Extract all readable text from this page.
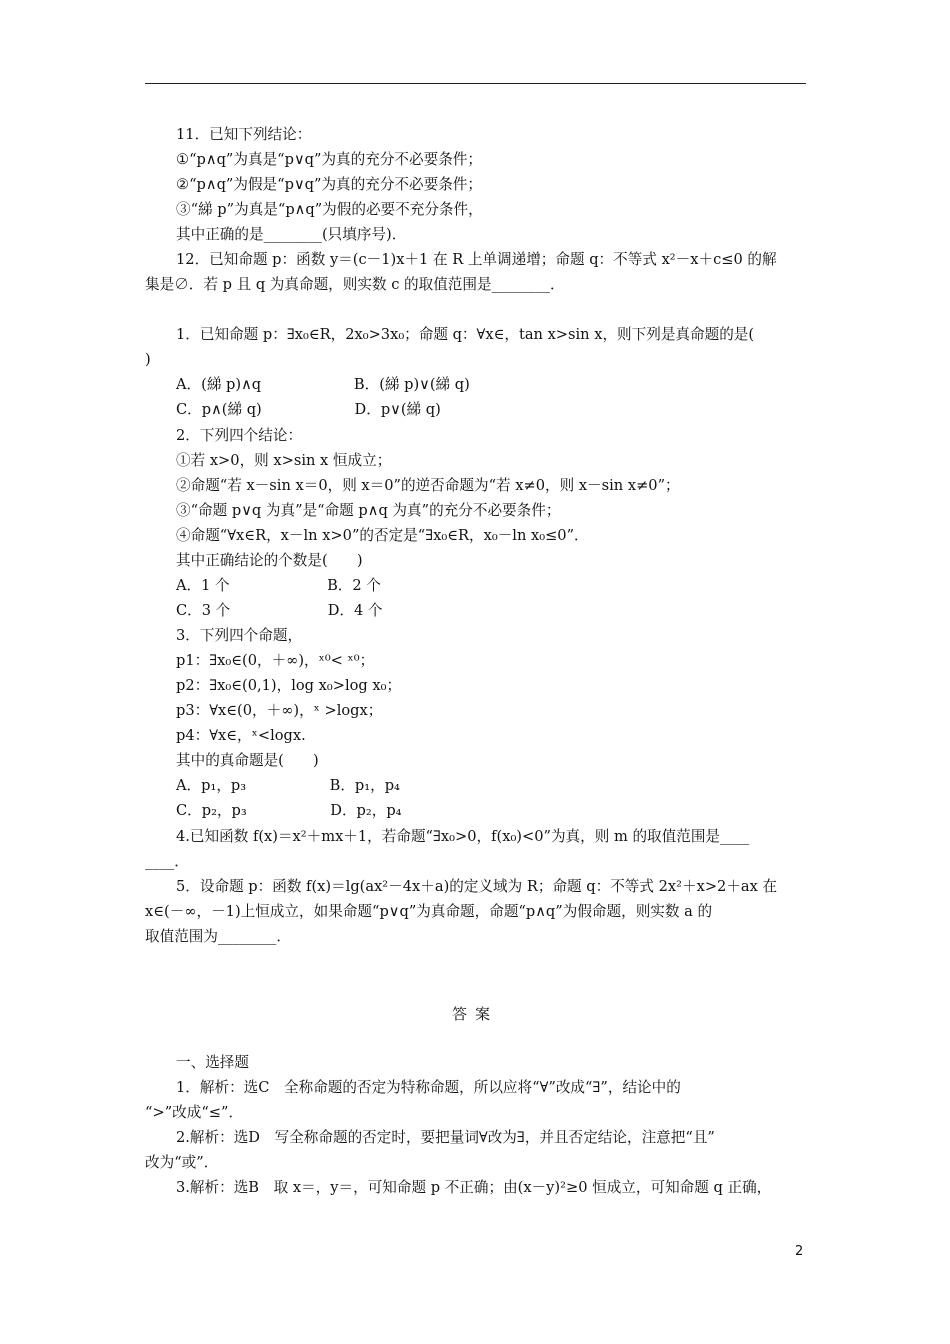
11．已知下列结论：
①“p∧q”为真是“p∨q”为真的充分不必要条件；
②“p∧q”为假是“p∨q”为真的充分不必要条件；
③“綈 p”为真是“p∧q”为假的必要不充分条件，
其中正确的是________(只填序号)．
12．已知命题 p：函数 y＝(c－1)x＋1 在 R 上单调递增；命题 q：不等式 x²－x＋c≤0 的解
集是∅．若 p 且 q 为真命题，则实数 c 的取值范围是________．
1．已知命题 p：∃x₀∈R，2x₀>3x₀；命题 q：∀x∈，tan x>sin x，则下列是真命题的是(
)
A．(綈 p)∧q                    B．(綈 p)∨(綈 q)
C．p∧(綈 q)                    D．p∨(綈 q)
2．下列四个结论：
①若 x>0，则 x>sin x 恒成立；
②命题“若 x－sin x＝0，则 x＝0”的逆否命题为“若 x≠0，则 x－sin x≠0”；
③“命题 p∨q 为真”是“命题 p∧q 为真”的充分不必要条件；
④命题“∀x∈R，x－ln x>0”的否定是“∃x₀∈R，x₀－ln x₀≤0”．
其中正确结论的个数是(　　)
A．1 个                     B．2 个
C．3 个                     D．4 个
3．下列四个命题，
p1：∃x₀∈(0，＋∞)，ˣ⁰< ˣ⁰；
p2：∃x₀∈(0,1)，log x₀>log x₀；
p3：∀x∈(0，＋∞)，ˣ >logx；
p4：∀x∈，ˣ<logx.
其中的真命题是(　　)
A．p₁，p₃                  B．p₁，p₄
C．p₂，p₃                  D．p₂，p₄
4.已知函数 f(x)＝x²＋mx＋1，若命题“∃x₀>0，f(x₀)<0”为真，则 m 的取值范围是____
____．
5．设命题 p：函数 f(x)＝lg(ax²－4x＋a)的定义域为 R；命题 q：不等式 2x²＋x>2＋ax 在
x∈(－∞，－1)上恒成立，如果命题“p∨q”为真命题，命题“p∧q”为假命题，则实数 a 的
取值范围为________．
答案
一、选择题
1．解析：选C　全称命题的否定为特称命题，所以应将“∀”改成“∃”，结论中的
“>”改成“≤”．
2.解析：选D　写全称命题的否定时，要把量词∀改为∃，并且否定结论，注意把“且”
改为“或”．
3.解析：选B　取 x＝，y＝，可知命题 p 不正确；由(x－y)²≥0 恒成立，可知命题 q 正确，
2
